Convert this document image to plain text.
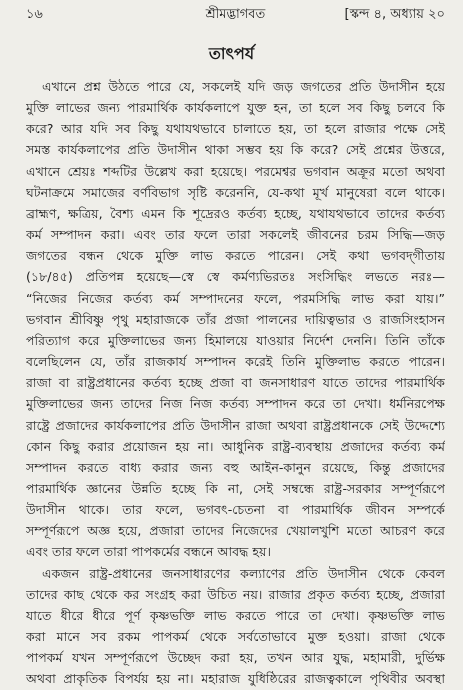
১৬	শ্রীমদ্ভাগবত	[স্কন্দ ৪, অধ্যায় ২০
তাৎপর্য
এখানে প্রশ্ন উঠতে পারে যে, সকলেই যদি জড় জগতের প্রতি উদাসীন হয়ে
মুক্তি লাভের জন্য পারমার্থিক কার্যকলাপে যুক্ত হন, তা হলে সব কিছু চলবে কি
করে? আর যদি সব কিছু যথাযথভাবে চালাতে হয়, তা হলে রাজার পক্ষে সেই
সমস্ত কার্যকলাপের প্রতি উদাসীন থাকা সম্ভব হয় কি করে? সেই প্রশ্নের উত্তরে,
এখানে শ্রেয়ঃ শব্দটির উল্লেখ করা হয়েছে। পরমেশ্বর ভগবান অক্রূর মতো অথবা
ঘটনাক্রমে সমাজের বর্ণবিভাগ সৃষ্টি করেননি, যে-কথা মূর্খ মানুষেরা বলে থাকে।
ব্রাহ্মণ, ক্ষত্রিয়, বৈশ্য এমন কি শূদ্রেরও কর্তব্য হচ্ছে, যথাযথভাবে তাদের কর্তব্য
কর্ম সম্পাদন করা। এবং তার ফলে তারা সকলেই জীবনের চরম সিদ্ধি—জড়
জগতের বন্ধন থেকে মুক্তি লাভ করতে পারেন। সেই কথা ভগবদ্‌গীতায়
(১৮/৪৫) প্রতিপন্ন হয়েছে—স্বে স্বে কর্মণ্যভিরতঃ সংসিদ্ধিং লভতে নরঃ—
“নিজের নিজের কর্তব্য কর্ম সম্পাদনের ফলে, পরমসিদ্ধি লাভ করা যায়।”
ভগবান শ্রীবিষ্ণু পৃথু মহারাজকে তাঁর প্রজা পালনের দায়িত্বভার ও রাজসিংহাসন
পরিত্যাগ করে মুক্তিলাভের জন্য হিমালয়ে যাওয়ার নির্দেশ দেননি। তিনি তাঁকে
বলেছিলেন যে, তাঁর রাজকার্য সম্পাদন করেই তিনি মুক্তিলাভ করতে পারেন।
রাজা বা রাষ্ট্রপ্রধানের কর্তব্য হচ্ছে প্রজা বা জনসাধারণ যাতে তাদের পারমার্থিক
মুক্তিলাভের জন্য তাদের নিজ নিজ কর্তব্য সম্পাদন করে তা দেখা। ধর্মনিরপেক্ষ
রাষ্ট্রে প্রজাদের কার্যকলাপের প্রতি উদাসীন রাজা অথবা রাষ্ট্রপ্রধানকে সেই উদ্দেশ্যে
কোন কিছু করার প্রয়োজন হয় না। আধুনিক রাষ্ট্র-ব্যবস্থায় প্রজাদের কর্তব্য কর্ম
সম্পাদন করতে বাধ্য করার জন্য বহু আইন-কানুন রয়েছে, কিন্তু প্রজাদের
পারমার্থিক জ্ঞানের উন্নতি হচ্ছে কি না, সেই সম্বন্ধে রাষ্ট্র-সরকার সম্পূর্ণরূপে
উদাসীন থাকে। তার ফলে, ভগবৎ-চেতনা বা পারমার্থিক জীবন সম্পর্কে
সম্পূর্ণরূপে অজ্ঞ হয়ে, প্রজারা তাদের নিজেদের খেয়ালখুশি মতো আচরণ করে
এবং তার ফলে তারা পাপকর্মের বন্ধনে আবদ্ধ হয়।
একজন রাষ্ট্র-প্রধানের জনসাধারণের কল্যাণের প্রতি উদাসীন থেকে কেবল
তাদের কাছ থেকে কর সংগ্রহ করা উচিত নয়। রাজার প্রকৃত কর্তব্য হচ্ছে, প্রজারা
যাতে ধীরে ধীরে পূর্ণ কৃষ্ণভক্তি লাভ করতে পারে তা দেখা। কৃষ্ণভক্তি লাভ
করা মানে সব রকম পাপকর্ম থেকে সর্বতোভাবে মুক্ত হওয়া। রাজা থেকে
পাপকর্ম যখন সম্পূর্ণরূপে উচ্ছেদ করা হয়, তখন আর যুদ্ধ, মহামারী, দুর্ভিক্ষ
অথবা প্রাকৃতিক বিপর্যয় হয় না। মহারাজ যুধিষ্ঠিরের রাজত্বকালে পৃথিবীর অবস্থা
